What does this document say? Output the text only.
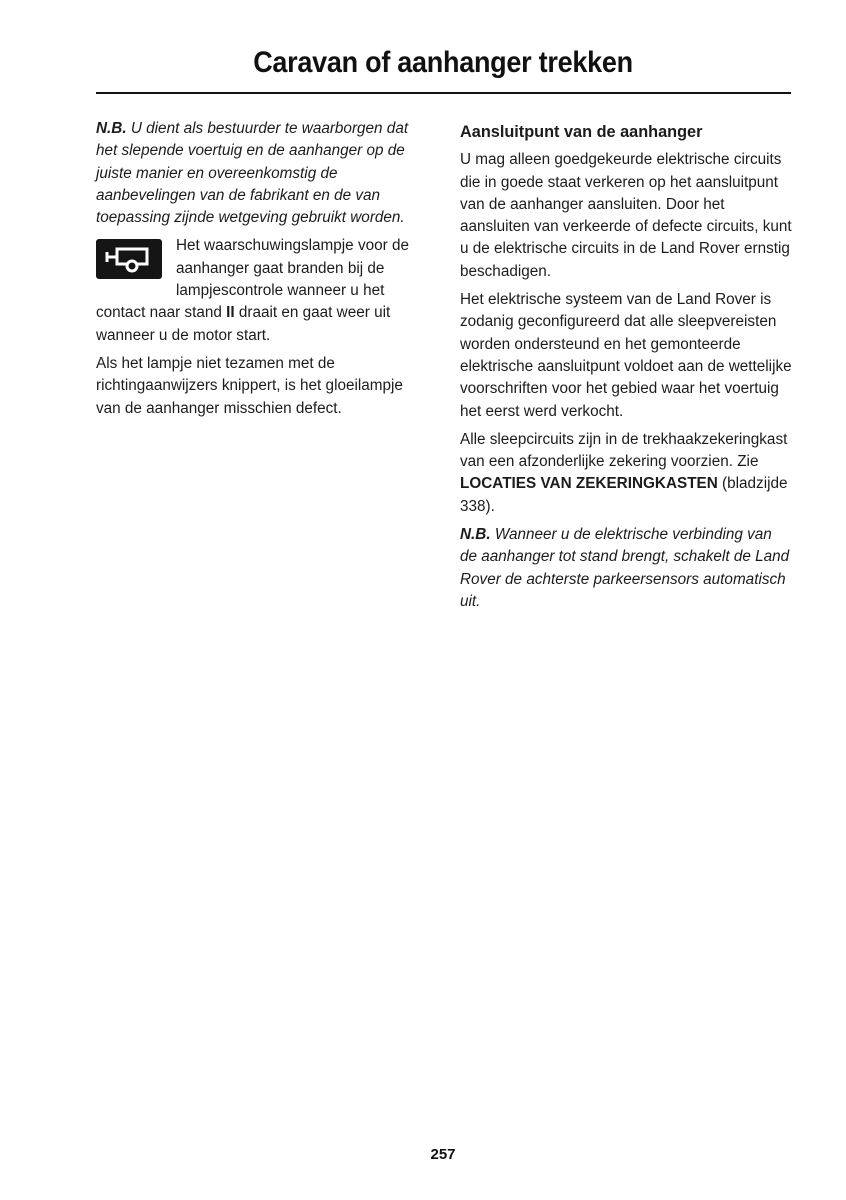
Caravan of aanhanger trekken

N.B. U dient als bestuurder te waarborgen dat het slepende voertuig en de aanhanger op de juiste manier en overeenkomstig de aanbevelingen van de fabrikant en de van toepassing zijnde wetgeving gebruikt worden.

Het waarschuwingslampje voor de aanhanger gaat branden bij de lampjescontrole wanneer u het contact naar stand II draait en gaat weer uit wanneer u de motor start.

Als het lampje niet tezamen met de richtingaanwijzers knippert, is het gloeilampje van de aanhanger misschien defect.

Aansluitpunt van de aanhanger

U mag alleen goedgekeurde elektrische circuits die in goede staat verkeren op het aansluitpunt van de aanhanger aansluiten. Door het aansluiten van verkeerde of defecte circuits, kunt u de elektrische circuits in de Land Rover ernstig beschadigen.

Het elektrische systeem van de Land Rover is zodanig geconfigureerd dat alle sleepvereisten worden ondersteund en het gemonteerde elektrische aansluitpunt voldoet aan de wettelijke voorschriften voor het gebied waar het voertuig het eerst werd verkocht.

Alle sleepcircuits zijn in de trekhaakzekeringkast van een afzonderlijke zekering voorzien. Zie LOCATIES VAN ZEKERINGKASTEN (bladzijde 338).

N.B. Wanneer u de elektrische verbinding van de aanhanger tot stand brengt, schakelt de Land Rover de achterste parkeersensors automatisch uit.

257
